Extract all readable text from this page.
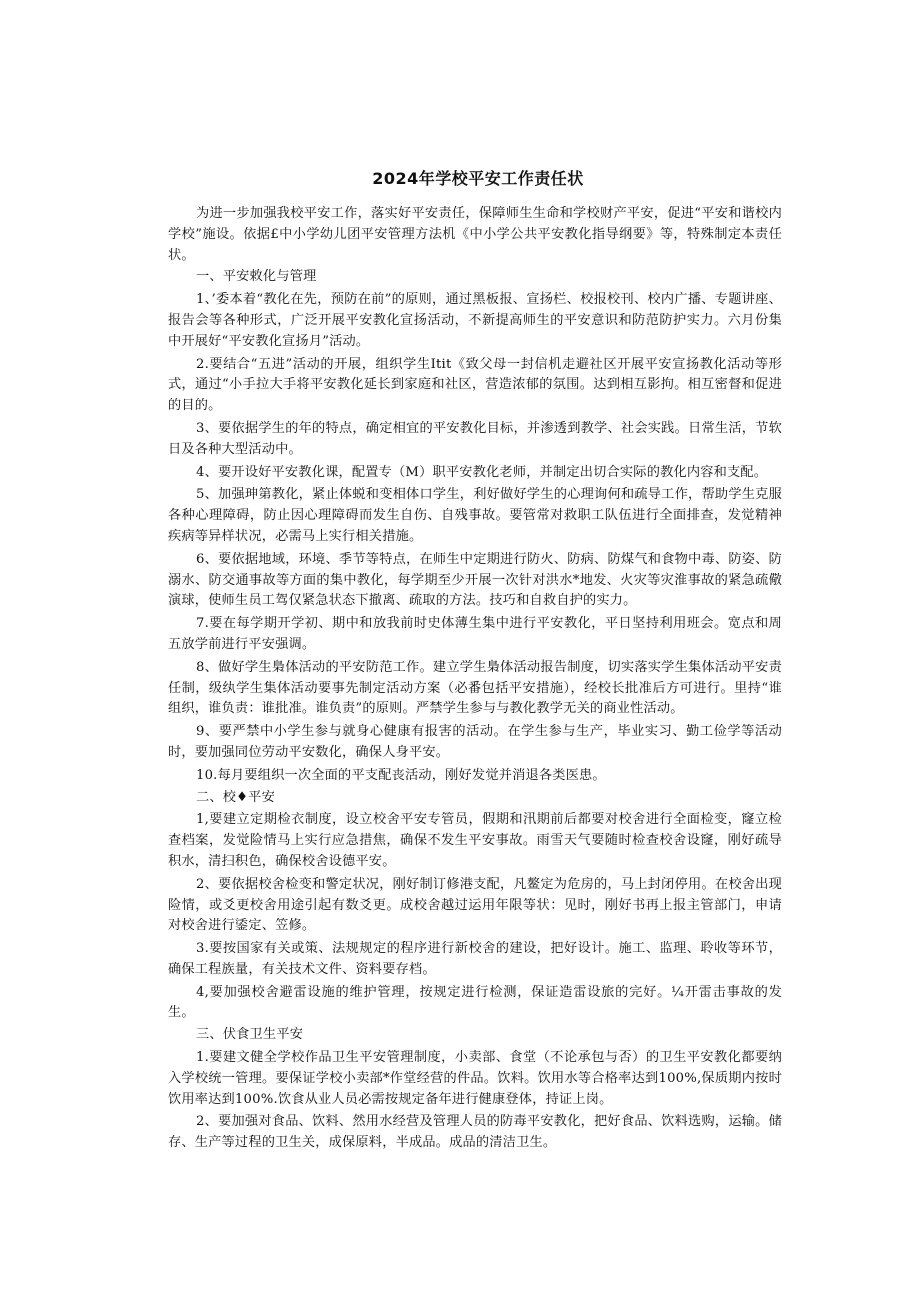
2024年学校平安工作责任状

为进一步加强我校平安工作，落实好平安责任，保障师生生命和学校财产平安，促进“平安和谐校内学校”施设。依据£中小学幼儿团平安管理方法机《中小学公共平安教化指导纲要》等，特殊制定本责任状。

一、平安敕化与管理

1、’委本着“教化在先，预防在前”的原则，通过黑板报、宣扬栏、校报校刊、校内广播、专题讲座、报告会等各种形式，广泛开展平安教化宣扬活动，不新提高师生的平安意识和防范防护实力。六月份集中开展好“平安教化宣扬月”活动。

2.要结合“五进”活动的开展，组织学生Itit《致父母一封信机走避社区开展平安宣扬教化活动等形式，通过“小手拉大手将平安教化延长到家庭和社区，营造浓郁的氛围。达到相互影拘。相互密督和促进的目的。

3、要依据学生的年的特点，确定相宜的平安教化目标，并渗透到教学、社会实践。日常生活，节软日及各种大型活动中。

4、要开设好平安教化课，配置专（M）职平安教化老师，并制定出切合实际的教化内容和支配。

5、加强珅第教化，紧止体蜕和变相体口学生，利好做好学生的心理询何和疏导工作，帮助学生克服各种心理障碍，防止因心理障碍而发生自伤、自残事故。要管常对救职工队伍进行全面排查，发觉精神疾病等异样状况，必需马上实行相关措施。

6、要依据地域，环境、季节等特点，在师生中定期进行防火、防病、防煤气和食物中毒、防姿、防溺水、防交通事故等方面的集中教化，每学期至少开展一次针对洪水*地发、火灾等灾淮事故的紧急疏儆演球，使师生员工驾仅紧急状态下撤离、疏取的方法。技巧和自救自护的实力。

7.要在每学期开学初、期中和放我前时史体薄生集中进行平安教化，平日坚持利用班会。宽点和周五放学前进行平安强调。

8、做好学生梟体活动的平安防范工作。建立学生梟体活动报告制度，切实落实学生集体活动平安责任制，级纨学生集体活动要事先制定活动方案（必番包括平安措施），经校长批准后方可进行。里持“谁组织，谁负责：谁批准。谁负责”的原则。严禁学生参与与教化教学无关的商业性活动。

9、要严禁中小学生参与就身心健康有报害的活动。在学生参与生产，毕业实习、勤工俭学等活动时，要加强同位劳动平安数化，确保人身平安。

10.每月要组织一次全面的平支配丧活动，刚好发觉并消退各类医患。

二、校♦平安

1,要建立定期检衣制度，设立校舍平安专管员，假期和汛期前后都要对校舍进行全面检变，窿立检查档案，发觉险情马上实行应急措焦，确保不发生平安事故。雨雪天气要随时检查校舍设窿，刚好疏导积水，清扫积色，确保校舍设德平安。

2、要依据校舍检变和警定状况，刚好制订修港支配，凡鳌定为危房的，马上封闭停用。在校舍出现险情，或爻更校舍用途引起有数爻更。成校舍越过运用年限等状：见时，刚好书再上报主管部门，申请对校舍进行鋈定、笠修。

3.要按国家有关或策、法规规定的程序进行新校舍的建设，把好设计。施工、监理、聆收等环节，确保工程族量，有关技术文件、资料要存档。

4,要加强校舍避雷设施的维护管理，按规定进行检测，保证造雷设旅的完好。¼开雷击事故的发生。

三、伏食卫生平安

1.要建文健全学校作品卫生平安管理制度，小卖部、食堂（不论承包与否）的卫生平安教化都要纳入学校统一管理。要保证学校小卖部*作堂经营的件品。饮料。饮用水等合格率达到100%,保质期内按时饮用率达到100%.饮食从业人员必需按规定备年进行健康登体，持证上岗。

2、要加强对食品、饮料、然用水经营及管理人员的防毒平安教化，把好食品、饮料选购，运输。储存、生产等过程的卫生关，成保原料，半成品。成品的清洁卫生。
